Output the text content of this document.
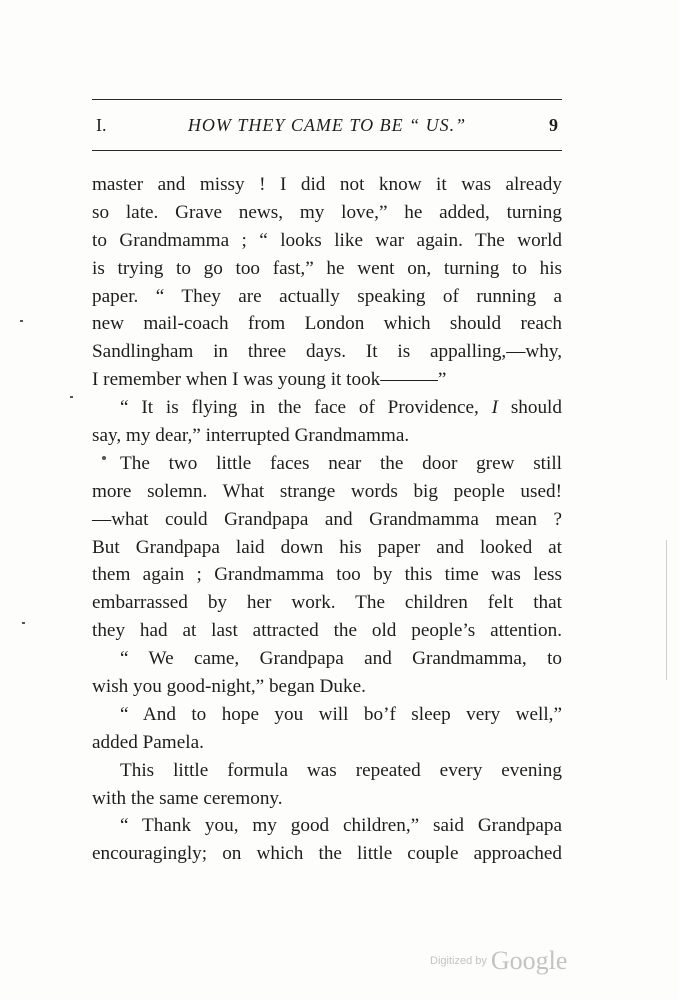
I.	HOW THEY CAME TO BE “ US.”	9
master and missy ! I did not know it was already
so late. Grave news, my love,” he added, turning
to Grandmamma ; “ looks like war again. The world
is trying to go too fast,” he went on, turning to his
paper. “ They are actually speaking of running a
new mail-coach from London which should reach
Sandlingham in three days. It is appalling,—why,
I remember when I was young it took———”
“ It is flying in the face of Providence, I should
say, my dear,” interrupted Grandmamma.
The two little faces near the door grew still
more solemn. What strange words big people used!
—what could Grandpapa and Grandmamma mean ?
But Grandpapa laid down his paper and looked at
them again ; Grandmamma too by this time was less
embarrassed by her work. The children felt that
they had at last attracted the old people’s attention.
“ We came, Grandpapa and Grandmamma, to
wish you good-night,” began Duke.
“ And to hope you will bo’f sleep very well,”
added Pamela.
This little formula was repeated every evening
with the same ceremony.
“ Thank you, my good children,” said Grandpapa
encouragingly; on which the little couple approached
Digitized by Google
